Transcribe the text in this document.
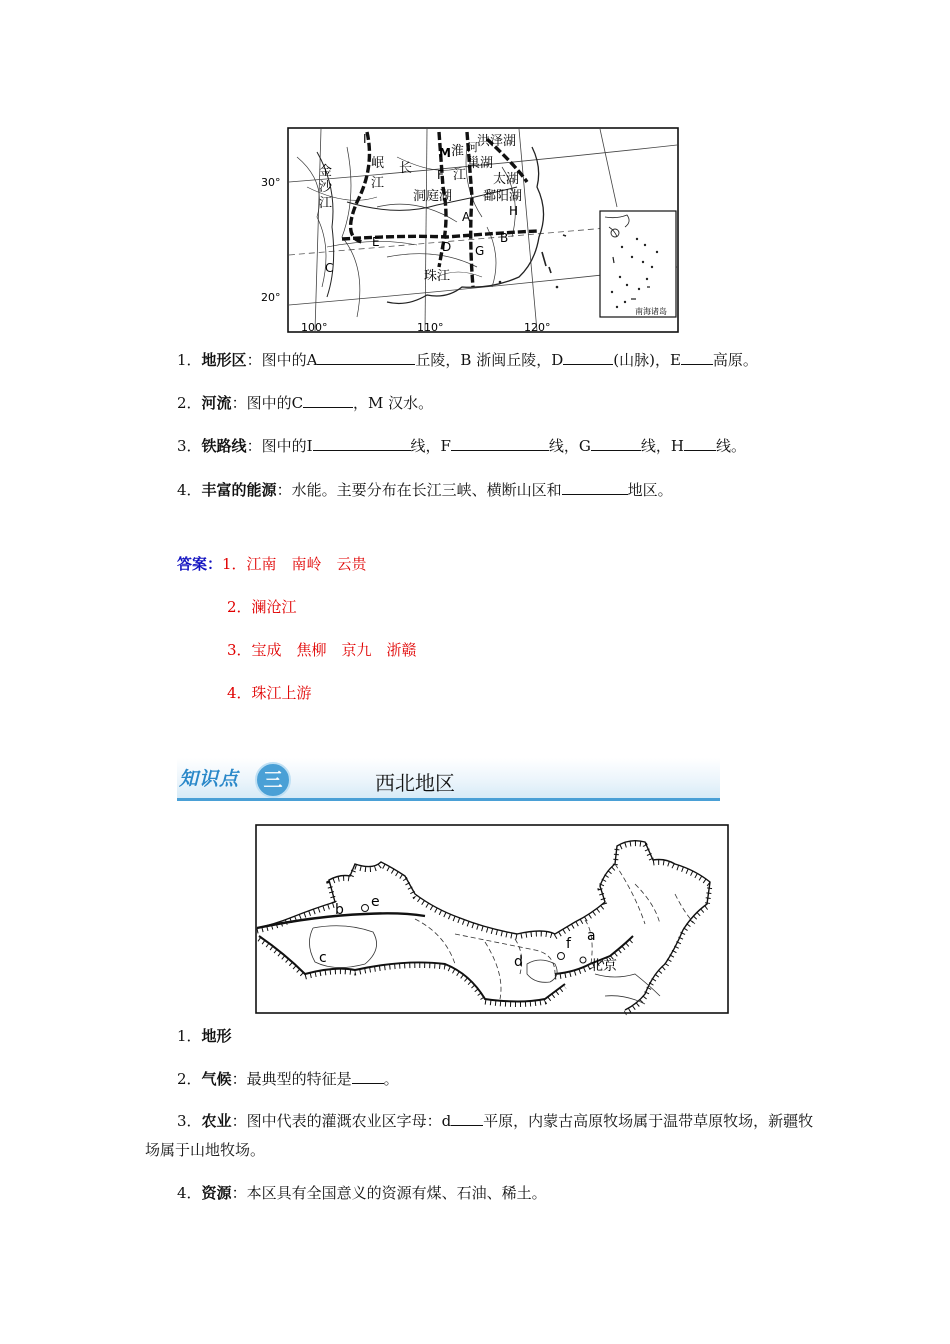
30°
20°
100°	110°	120°
I
M
F
A	H
B
E	D G
C
金
沙
江
岷
江
长	江
淮 河 洪泽湖
巢湖
太湖
洞庭湖 鄱阳湖
珠江
南海诸岛
1．地形区：图中的A	丘陵，B 浙闽丘陵，D	(山脉)，E 高原。
2．河流：图中的C	，M 汉水。
3．铁路线：图中的I	线，F	线，G	线，H 线。
4．丰富的能源：水能。主要分布在长江三峡、横断山区和	地区。
答案：1．江南　南岭　云贵
2．澜沧江
3．宝成　焦柳　京九　浙赣
4．珠江上游
知识点	三	西北地区
b e
c	d
f a
北京
1．地形
2．气候：最典型的特征是 。
3．农业：图中代表的灌溉农业区字母：d 平原，内蒙古高原牧场属于温带草原牧场，新疆牧场属于山地牧场。
4．资源：本区具有全国意义的资源有煤、石油、稀土。
